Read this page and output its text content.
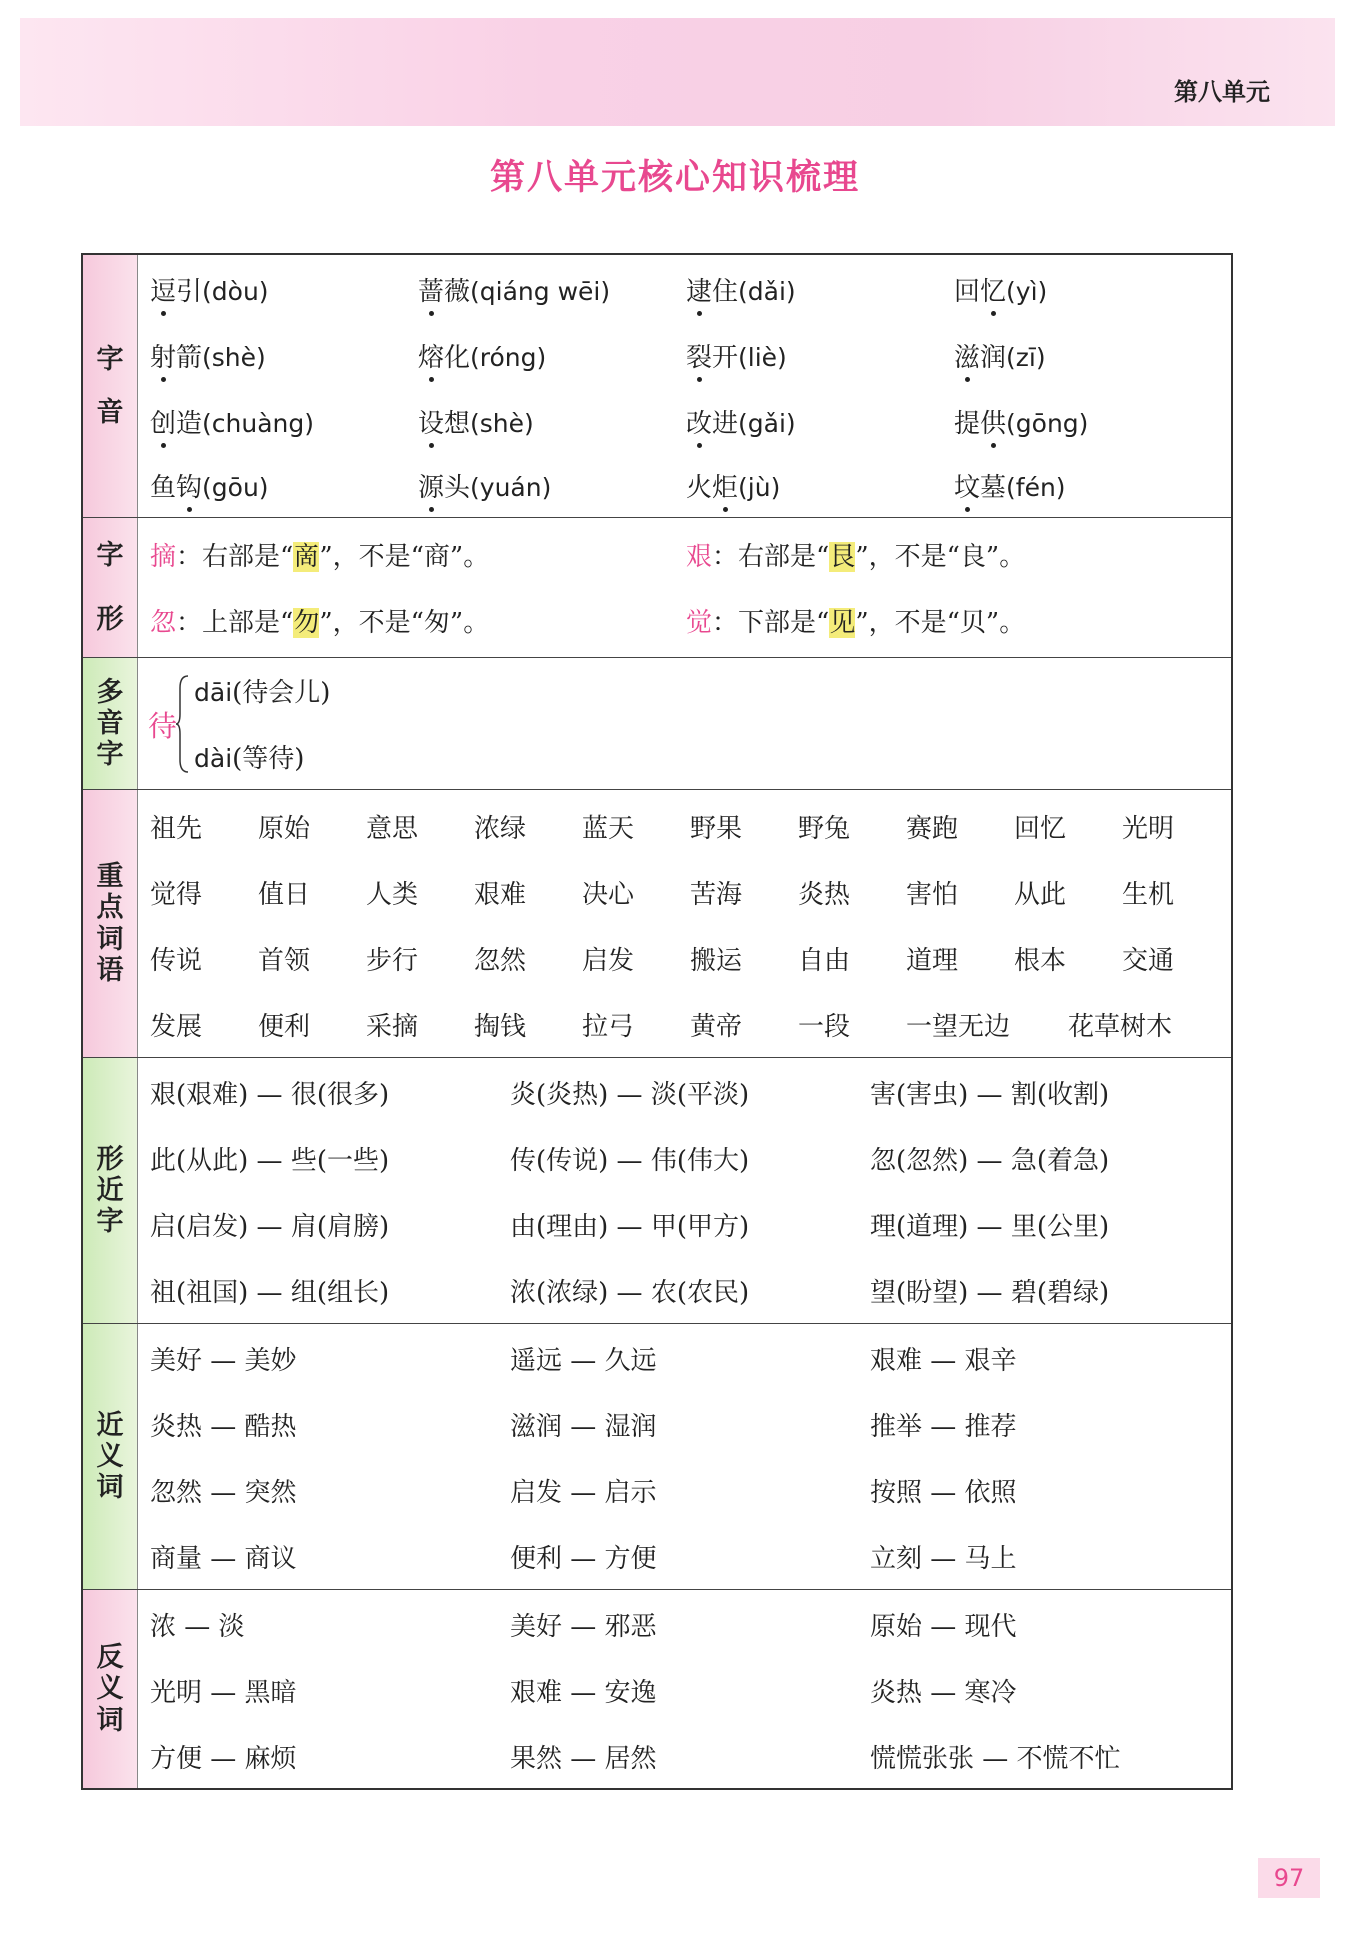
第八单元
第八单元核心知识梳理
字
音
逗引(dòu)	蔷薇(qiáng wēi)	逮住(dǎi)	回忆(yì)
射箭(shè)	熔化(róng)	裂开(liè)	滋润(zī)
创造(chuàng)	设想(shè)	改进(gǎi)	提供(gōng)
鱼钩(gōu)	源头(yuán)	火炬(jù)	坟墓(fén)
字
形
摘：右部是“啇”，不是“商”。	艰：右部是“艮”，不是“良”。
忽：上部是“勿”，不是“匆”。	觉：下部是“见”，不是“贝”。
多
音
字
待
dāi(待会儿)
dài(等待)
重
点
词
语
祖先 原始 意思 浓绿 蓝天 野果 野兔 赛跑 回忆 光明
觉得 值日 人类 艰难 决心 苦海 炎热 害怕 从此 生机
传说 首领 步行 忽然 启发 搬运 自由 道理 根本 交通
发展 便利 采摘 掏钱 拉弓 黄帝 一段 一望无边 花草树木
形
近
字
艰(艰难) — 很(很多)	炎(炎热) — 淡(平淡)	害(害虫) — 割(收割)
此(从此) — 些(一些)	传(传说) — 伟(伟大)	忽(忽然) — 急(着急)
启(启发) — 肩(肩膀)	由(理由) — 甲(甲方)	理(道理) — 里(公里)
祖(祖国) — 组(组长)	浓(浓绿) — 农(农民)	望(盼望) — 碧(碧绿)
近
义
词
美好 — 美妙	遥远 — 久远	艰难 — 艰辛
炎热 — 酷热	滋润 — 湿润	推举 — 推荐
忽然 — 突然	启发 — 启示	按照 — 依照
商量 — 商议	便利 — 方便	立刻 — 马上
反
义
词
浓 — 淡	美好 — 邪恶	原始 — 现代
光明 — 黑暗	艰难 — 安逸	炎热 — 寒冷
方便 — 麻烦	果然 — 居然	慌慌张张 — 不慌不忙
97
